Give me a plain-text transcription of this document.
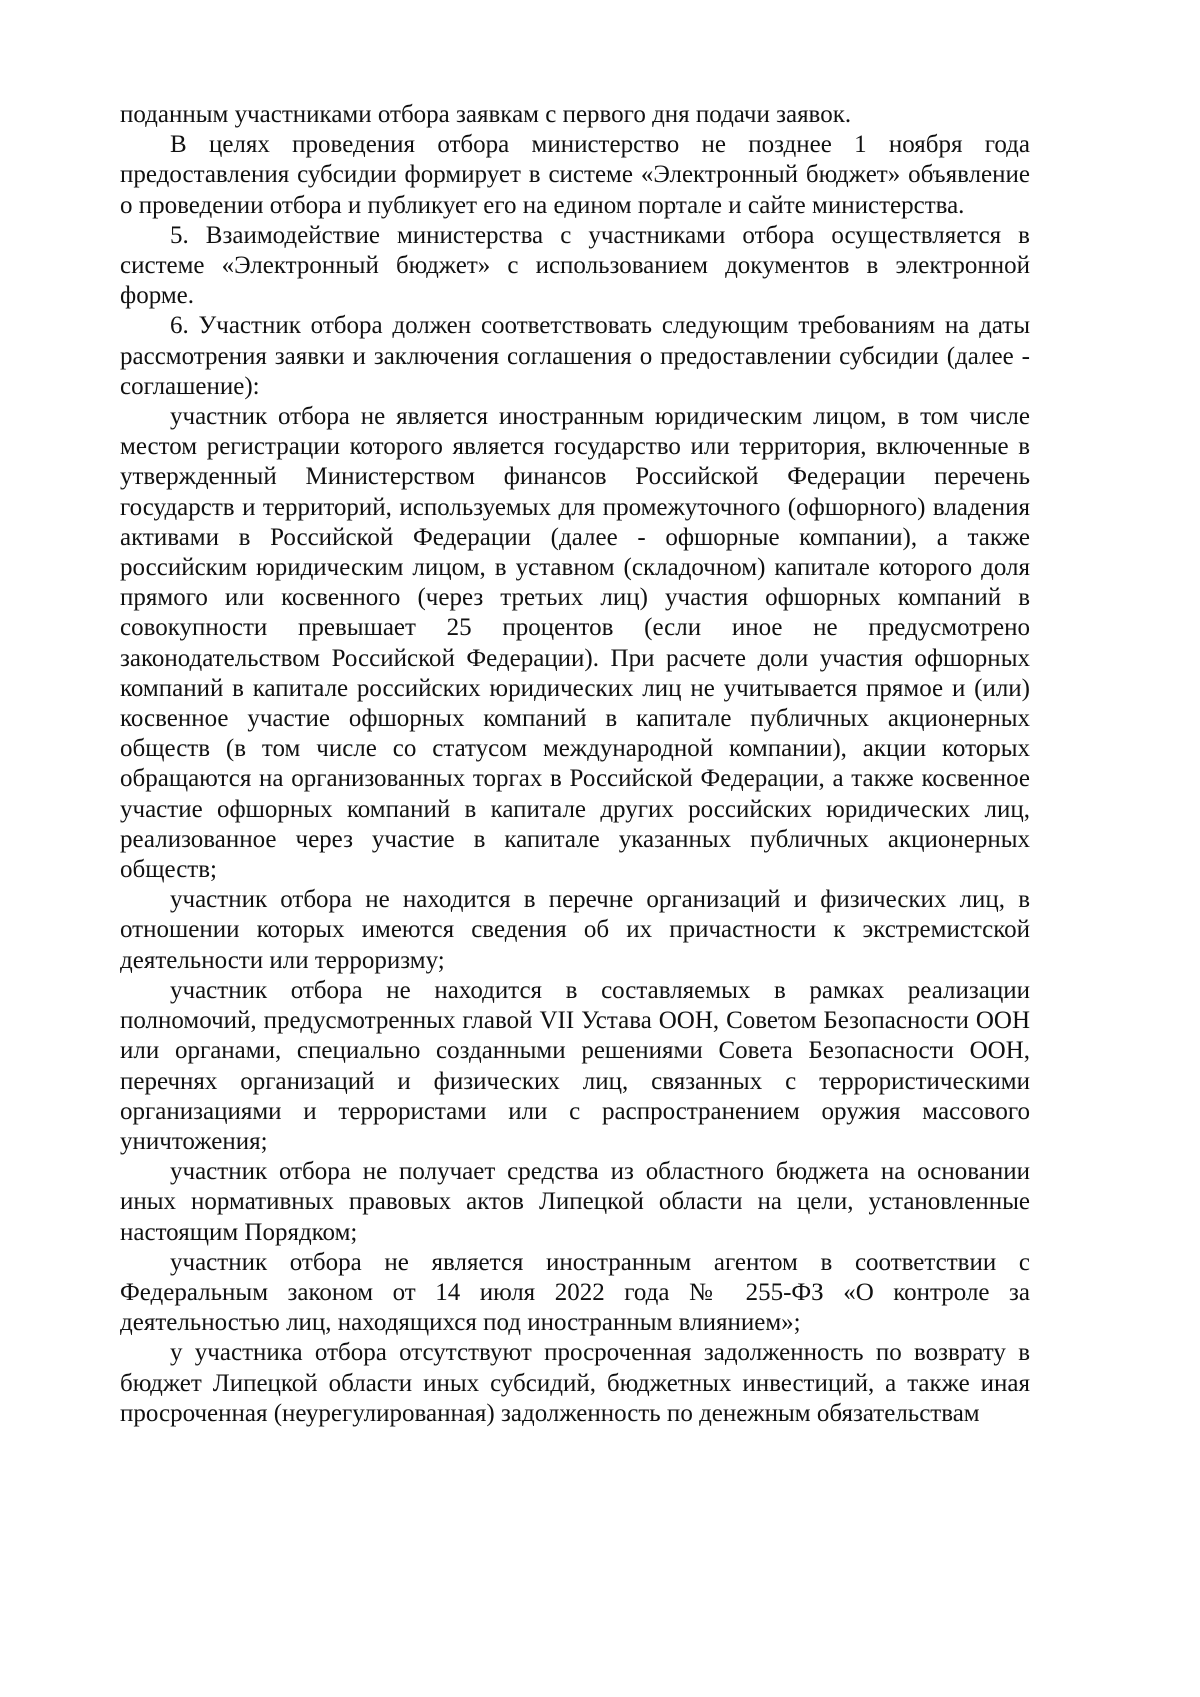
поданным участниками отбора заявкам с первого дня подачи заявок.

В целях проведения отбора министерство не позднее 1 ноября года предоставления субсидии формирует в системе «Электронный бюджет» объявление о проведении отбора и публикует его на едином портале и сайте министерства.

5. Взаимодействие министерства с участниками отбора осуществляется в системе «Электронный бюджет» с использованием документов в электронной форме.

6. Участник отбора должен соответствовать следующим требованиям на даты рассмотрения заявки и заключения соглашения о предоставлении субсидии (далее - соглашение):

участник отбора не является иностранным юридическим лицом, в том числе местом регистрации которого является государство или территория, включенные в утвержденный Министерством финансов Российской Федерации перечень государств и территорий, используемых для промежуточного (офшорного) владения активами в Российской Федерации (далее - офшорные компании), а также российским юридическим лицом, в уставном (складочном) капитале которого доля прямого или косвенного (через третьих лиц) участия офшорных компаний в совокупности превышает 25 процентов (если иное не предусмотрено законодательством Российской Федерации). При расчете доли участия офшорных компаний в капитале российских юридических лиц не учитывается прямое и (или) косвенное участие офшорных компаний в капитале публичных акционерных обществ (в том числе со статусом международной компании), акции которых обращаются на организованных торгах в Российской Федерации, а также косвенное участие офшорных компаний в капитале других российских юридических лиц, реализованное через участие в капитале указанных публичных акционерных обществ;

участник отбора не находится в перечне организаций и физических лиц, в отношении которых имеются сведения об их причастности к экстремистской деятельности или терроризму;

участник отбора не находится в составляемых в рамках реализации полномочий, предусмотренных главой VII Устава ООН, Советом Безопасности ООН или органами, специально созданными решениями Совета Безопасности ООН, перечнях организаций и физических лиц, связанных с террористическими организациями и террористами или с распространением оружия массового уничтожения;

участник отбора не получает средства из областного бюджета на основании иных нормативных правовых актов Липецкой области на цели, установленные настоящим Порядком;

участник отбора не является иностранным агентом в соответствии с Федеральным законом от 14 июля 2022 года № 255-ФЗ «О контроле за деятельностью лиц, находящихся под иностранным влиянием»;

у участника отбора отсутствуют просроченная задолженность по возврату в бюджет Липецкой области иных субсидий, бюджетных инвестиций, а также иная просроченная (неурегулированная) задолженность по денежным обязательствам
